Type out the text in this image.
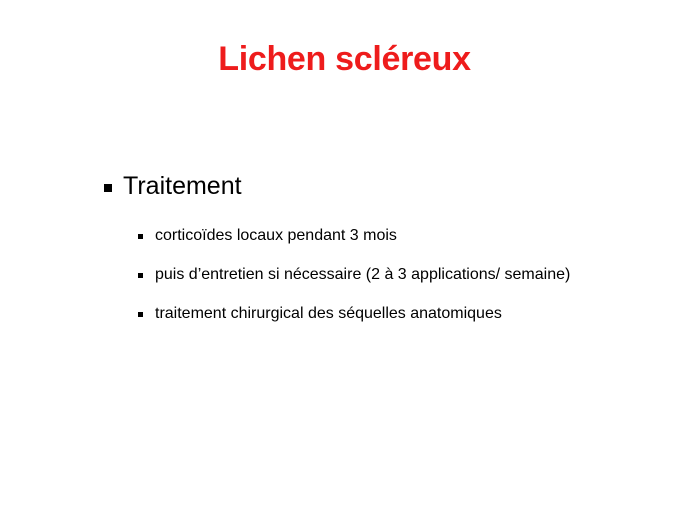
Lichen scléreux
Traitement
corticoïdes locaux pendant 3 mois
puis d’entretien si nécessaire (2 à 3 applications/ semaine)
traitement chirurgical des séquelles anatomiques
